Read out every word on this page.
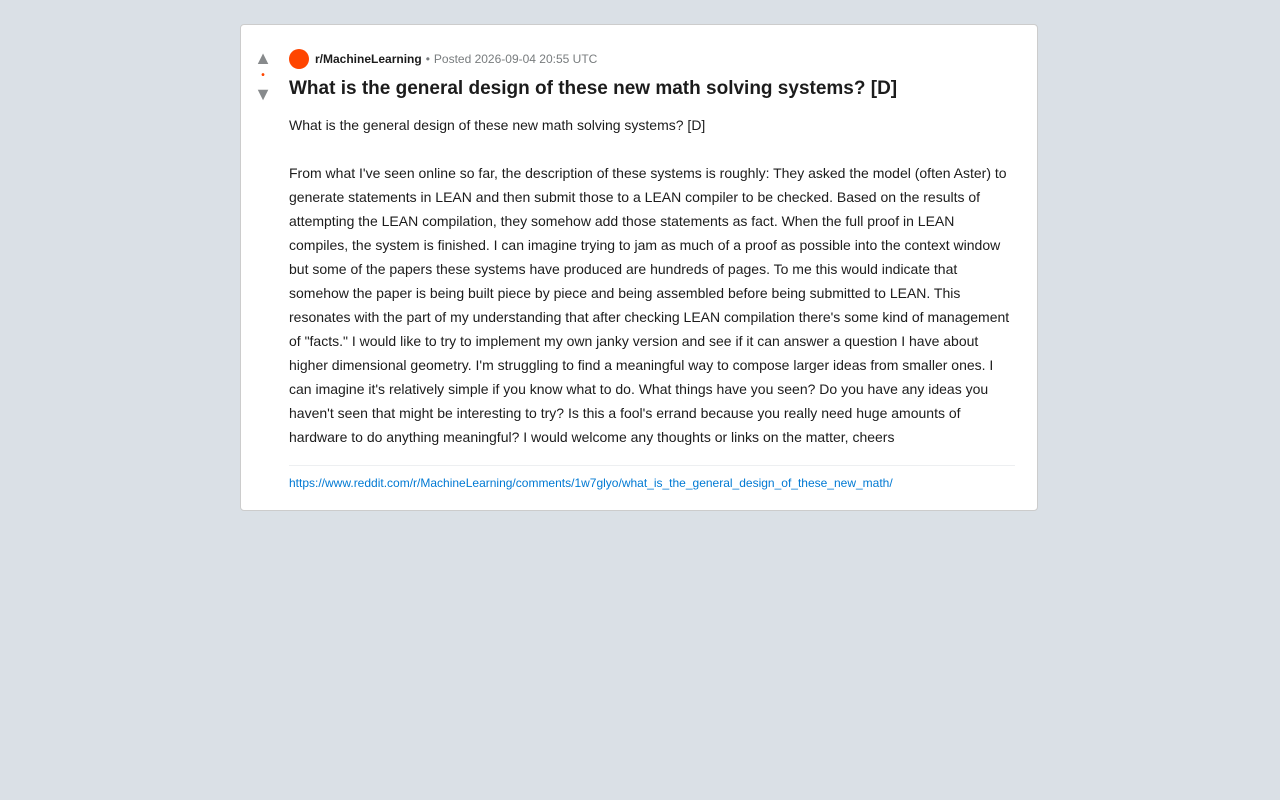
▲
•
▼
r/MachineLearning • Posted 2026-09-04 20:55 UTC
What is the general design of these new math solving systems? [D]

What is the general design of these new math solving systems? [D]

From what I've seen online so far, the description of these systems is roughly: They asked the model (often Aster) to generate statements in LEAN and then submit those to a LEAN compiler to be checked. Based on the results of attempting the LEAN compilation, they somehow add those statements as fact. When the full proof in LEAN compiles, the system is finished. I can imagine trying to jam as much of a proof as possible into the context window but some of the papers these systems have produced are hundreds of pages. To me this would indicate that somehow the paper is being built piece by piece and being assembled before being submitted to LEAN. This resonates with the part of my understanding that after checking LEAN compilation there's some kind of management of "facts." I would like to try to implement my own janky version and see if it can answer a question I have about higher dimensional geometry. I'm struggling to find a meaningful way to compose larger ideas from smaller ones. I can imagine it's relatively simple if you know what to do. What things have you seen? Do you have any ideas you haven't seen that might be interesting to try? Is this a fool's errand because you really need huge amounts of hardware to do anything meaningful? I would welcome any thoughts or links on the matter, cheers

https://www.reddit.com/r/MachineLearning/comments/1w7glyo/what_is_the_general_design_of_these_new_math/
